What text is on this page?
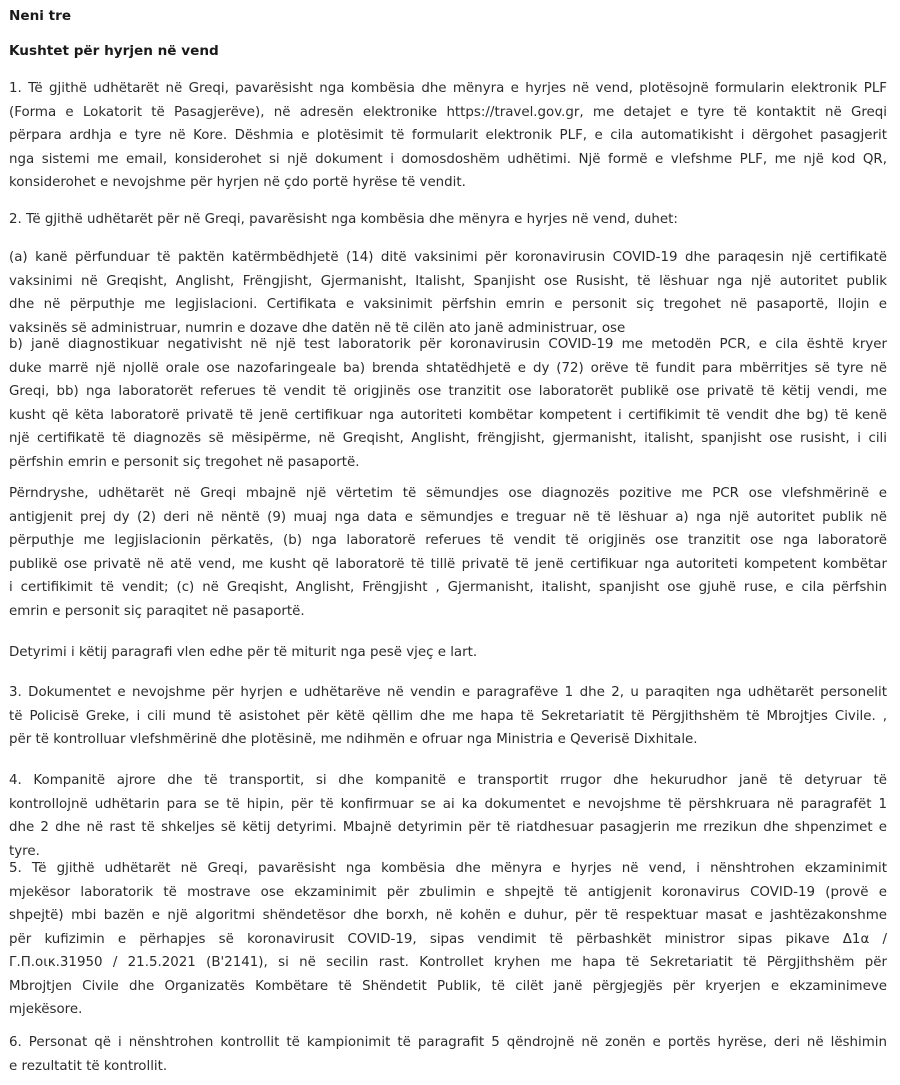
Neni tre
Kushtet për hyrjen në vend
1. Të gjithë udhëtarët në Greqi, pavarësisht nga kombësia dhe mënyra e hyrjes në vend, plotësojnë formularin elektronik PLF
(Forma e Lokatorit të Pasagjerëve), në adresën elektronike https://travel.gov.gr, me detajet e tyre të kontaktit në Greqi
përpara ardhja e tyre në Kore. Dëshmia e plotësimit të formularit elektronik PLF, e cila automatikisht i dërgohet pasagjerit
nga sistemi me email, konsiderohet si një dokument i domosdoshëm udhëtimi. Një formë e vlefshme PLF, me një kod QR,
konsiderohet e nevojshme për hyrjen në çdo portë hyrëse të vendit.
2. Të gjithë udhëtarët për në Greqi, pavarësisht nga kombësia dhe mënyra e hyrjes në vend, duhet:
(a) kanë përfunduar të paktën katërmbëdhjetë (14) ditë vaksinimi për koronavirusin COVID-19 dhe paraqesin një certifikatë
vaksinimi në Greqisht, Anglisht, Frëngjisht, Gjermanisht, Italisht, Spanjisht ose Rusisht, të lëshuar nga një autoritet publik
dhe në përputhje me legjislacioni. Certifikata e vaksinimit përfshin emrin e personit siç tregohet në pasaportë, llojin e
vaksinës së administruar, numrin e dozave dhe datën në të cilën ato janë administruar, ose
b) janë diagnostikuar negativisht në një test laboratorik për koronavirusin COVID-19 me metodën PCR, e cila është kryer
duke marrë një njollë orale ose nazofaringeale ba) brenda shtatëdhjetë e dy (72) orëve të fundit para mbërritjes së tyre në
Greqi, bb) nga laboratorët referues të vendit të origjinës ose tranzitit ose laboratorët publikë ose privatë të këtij vendi, me
kusht që këta laboratorë privatë të jenë certifikuar nga autoriteti kombëtar kompetent i certifikimit të vendit dhe bg) të kenë
një certifikatë të diagnozës së mësipërme, në Greqisht, Anglisht, frëngjisht, gjermanisht, italisht, spanjisht ose rusisht, i cili
përfshin emrin e personit siç tregohet në pasaportë.
Përndryshe, udhëtarët në Greqi mbajnë një vërtetim të sëmundjes ose diagnozës pozitive me PCR ose vlefshmërinë e
antigjenit prej dy (2) deri në nëntë (9) muaj nga data e sëmundjes e treguar në të lëshuar a) nga një autoritet publik në
përputhje me legjislacionin përkatës, (b) nga laboratorë referues të vendit të origjinës ose tranzitit ose nga laboratorë
publikë ose privatë në atë vend, me kusht që laboratorë të tillë privatë të jenë certifikuar nga autoriteti kompetent kombëtar
i certifikimit të vendit; (c) në Greqisht, Anglisht, Frëngjisht , Gjermanisht, italisht, spanjisht ose gjuhë ruse, e cila përfshin
emrin e personit siç paraqitet në pasaportë.
Detyrimi i këtij paragrafi vlen edhe për të miturit nga pesë vjeç e lart.
3. Dokumentet e nevojshme për hyrjen e udhëtarëve në vendin e paragrafëve 1 dhe 2, u paraqiten nga udhëtarët personelit
të Policisë Greke, i cili mund të asistohet për këtë qëllim dhe me hapa të Sekretariatit të Përgjithshëm të Mbrojtjes Civile. ,
për të kontrolluar vlefshmërinë dhe plotësinë, me ndihmën e ofruar nga Ministria e Qeverisë Dixhitale.
4. Kompanitë ajrore dhe të transportit, si dhe kompanitë e transportit rrugor dhe hekurudhor janë të detyruar të
kontrollojnë udhëtarin para se të hipin, për të konfirmuar se ai ka dokumentet e nevojshme të përshkruara në paragrafët 1
dhe 2 dhe në rast të shkeljes së këtij detyrimi. Mbajnë detyrimin për të riatdhesuar pasagjerin me rrezikun dhe shpenzimet e
tyre.
5. Të gjithë udhëtarët në Greqi, pavarësisht nga kombësia dhe mënyra e hyrjes në vend, i nënshtrohen ekzaminimit
mjekësor laboratorik të mostrave ose ekzaminimit për zbulimin e shpejtë të antigjenit koronavirus COVID-19 (provë e
shpejtë) mbi bazën e një algoritmi shëndetësor dhe borxh, në kohën e duhur, për të respektuar masat e jashtëzakonshme
për kufizimin e përhapjes së koronavirusit COVID-19, sipas vendimit të përbashkët ministror sipas pikave Δ1α /
Γ.Π.οικ.31950 / 21.5.2021 (B'2141), si në secilin rast. Kontrollet kryhen me hapa të Sekretariatit të Përgjithshëm për
Mbrojtjen Civile dhe Organizatës Kombëtare të Shëndetit Publik, të cilët janë përgjegjës për kryerjen e ekzaminimeve
mjekësore.
6. Personat që i nënshtrohen kontrollit të kampionimit të paragrafit 5 qëndrojnë në zonën e portës hyrëse, deri në lëshimin
e rezultatit të kontrollit.
